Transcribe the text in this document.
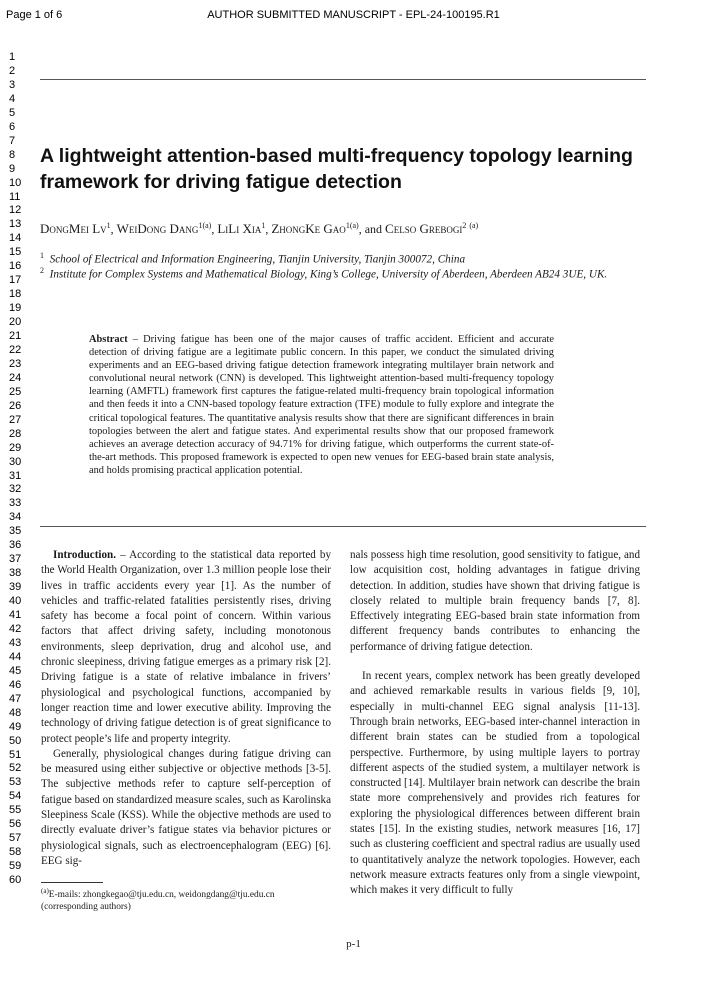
Page 1 of 6	AUTHOR SUBMITTED MANUSCRIPT - EPL-24-100195.R1
1
2
3
4
5
6
7
8
9
10
11
12
13
14
15
16
17
18
19
20
21
22
23
24
25
26
27
28
29
30
31
32
33
34
35
36
37
38
39
40
41
42
43
44
45
46
47
48
49
50
51
52
53
54
55
56
57
58
59
60
A lightweight attention-based multi-frequency topology learning
framework for driving fatigue detection

DongMei Lv$^1$, WeiDong Dang$^{1(a)}$, LiLi Xia$^1$, ZhongKe Gao$^{1(a)}$, and Celso Grebogi$^2$ $^{(a)}$

$^1$ School of Electrical and Information Engineering, Tianjin University, Tianjin 300072, China

$^2$ Institute for Complex Systems and Mathematical Biology, King’s College, University of Aberdeen, Aberdeen AB24 3UE, UK.

Abstract – Driving fatigue has been one of the major causes of traffic accident. Efficient and accurate detection of driving fatigue are a legitimate public concern. In this paper, we conduct the simulated driving experiments and an EEG-based driving fatigue detection framework integrating multilayer brain network and convolutional neural network (CNN) is developed. This lightweight attention-based multi-frequency topology learning (AMFTL) framework first captures the fatigue-related multi-frequency brain topological information and then feeds it into a CNN-based topology feature extraction (TFE) module to fully explore and integrate the critical topological features. The quantitative analysis results show that there are significant differences in brain topologies between the alert and fatigue states. And experimental results show that our proposed framework achieves an average detection accuracy of 94.71% for driving fatigue, which outperforms the current state-of-the-art methods. This proposed framework is expected to open new venues for EEG-based brain state analysis, and holds promising practical application potential.

Introduction. – According to the statistical data reported by the World Health Organization, over 1.3 million people lose their lives in traffic accidents every year [1]. As the number of vehicles and traffic-related fatalities persistently rises, driving safety has become a focal point of concern. Within various factors that affect driving safety, including monotonous environments, sleep deprivation, drug and alcohol use, and chronic sleepiness, driving fatigue emerges as a primary risk [2]. Driving fatigue is a state of relative imbalance in frivers’ physiological and psychological functions, accompanied by longer reaction time and lower executive ability. Improving the technology of driving fatigue detection is of great significance to protect people’s life and property integrity.

Generally, physiological changes during fatigue driving can be measured using either subjective or objective methods [3-5]. The subjective methods refer to capture self-perception of fatigue based on standardized measure scales, such as Karolinska Sleepiness Scale (KSS). While the objective methods are used to directly evaluate driver’s fatigue states via behavior pictures or physiological signals, such as electroencephalogram (EEG) [6]. EEG sig-

nals possess high time resolution, good sensitivity to fatigue, and low acquisition cost, holding advantages in fatigue driving detection. In addition, studies have shown that driving fatigue is closely related to multiple brain frequency bands [7, 8]. Effectively integrating EEG-based brain state information from different frequency bands contributes to enhancing the performance of driving fatigue detection.

In recent years, complex network has been greatly developed and achieved remarkable results in various fields [9, 10], especially in multi-channel EEG signal analysis [11-13]. Through brain networks, EEG-based inter-channel interaction in different brain states can be studied from a topological perspective. Furthermore, by using multiple layers to portray different aspects of the studied system, a multilayer network is constructed [14]. Multilayer brain network can describe the brain state more comprehensively and provides rich features for exploring the physiological differences between different brain states [15]. In the existing studies, network measures [16, 17] such as clustering coefficient and spectral radius are usually used to quantitatively analyze the network topologies. However, each network measure extracts features only from a single viewpoint, which makes it very difficult to fully

$^{(a)}$E-mails: zhongkegao@tju.edu.cn, weidongdang@tju.edu.cn (corresponding authors)

p-1
